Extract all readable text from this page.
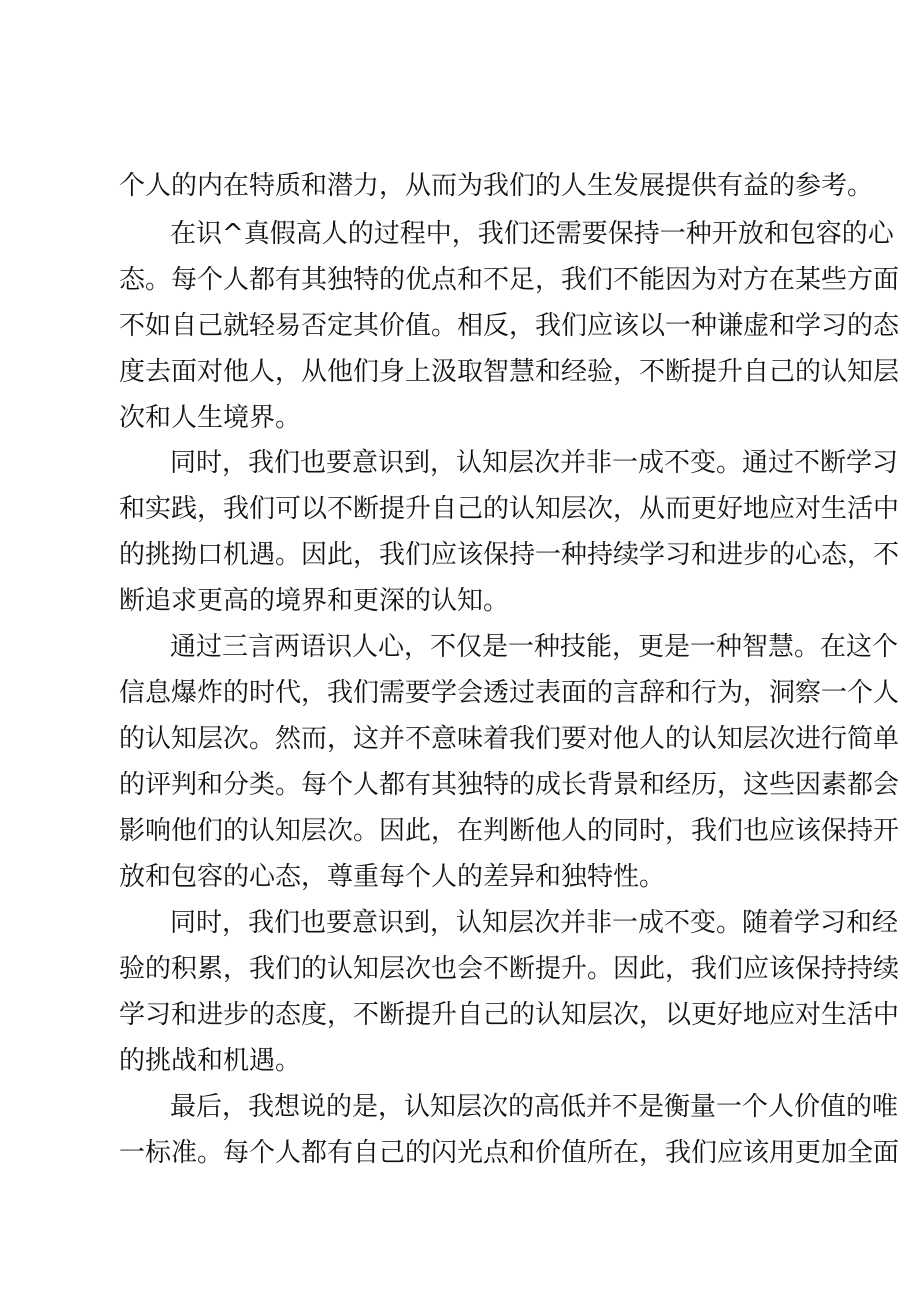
个人的内在特质和潜力，从而为我们的人生发展提供有益的参考。
在识^真假高人的过程中，我们还需要保持一种开放和包容的心
态。每个人都有其独特的优点和不足，我们不能因为对方在某些方面
不如自己就轻易否定其价值。相反，我们应该以一种谦虚和学习的态
度去面对他人，从他们身上汲取智慧和经验，不断提升自己的认知层
次和人生境界。
同时，我们也要意识到，认知层次并非一成不变。通过不断学习
和实践，我们可以不断提升自己的认知层次，从而更好地应对生活中
的挑拗口机遇。因此，我们应该保持一种持续学习和进步的心态，不
断追求更高的境界和更深的认知。
通过三言两语识人心，不仅是一种技能，更是一种智慧。在这个
信息爆炸的时代，我们需要学会透过表面的言辞和行为，洞察一个人
的认知层次。然而，这并不意味着我们要对他人的认知层次进行简单
的评判和分类。每个人都有其独特的成长背景和经历，这些因素都会
影响他们的认知层次。因此，在判断他人的同时，我们也应该保持开
放和包容的心态，尊重每个人的差异和独特性。
同时，我们也要意识到，认知层次并非一成不变。随着学习和经
验的积累，我们的认知层次也会不断提升。因此，我们应该保持持续
学习和进步的态度，不断提升自己的认知层次，以更好地应对生活中
的挑战和机遇。
最后，我想说的是，认知层次的高低并不是衡量一个人价值的唯
一标准。每个人都有自己的闪光点和价值所在，我们应该用更加全面
